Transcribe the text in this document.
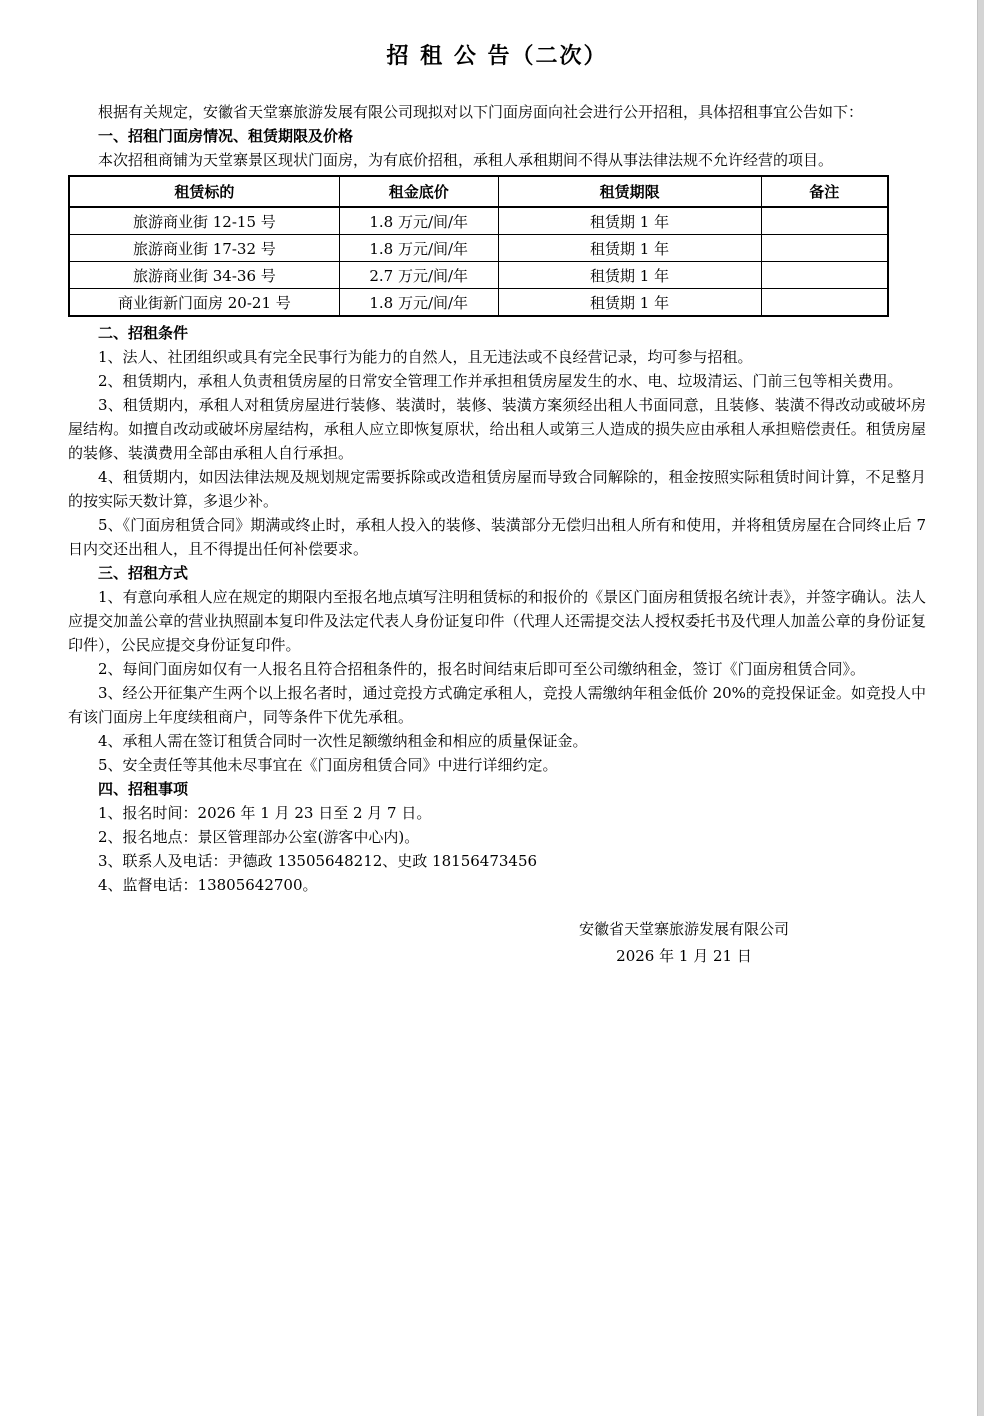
招 租 公 告（二次）

根据有关规定，安徽省天堂寨旅游发展有限公司现拟对以下门面房面向社会进行公开招租，具体招租事宜公告如下：

一、招租门面房情况、租赁期限及价格

本次招租商铺为天堂寨景区现状门面房，为有底价招租，承租人承租期间不得从事法律法规不允许经营的项目。

租赁标的	租金底价	租赁期限	备注
旅游商业街 12-15 号	1.8 万元/间/年	租赁期 1 年	
旅游商业街 17-32 号	1.8 万元/间/年	租赁期 1 年	
旅游商业街 34-36 号	2.7 万元/间/年	租赁期 1 年	
商业街新门面房 20-21 号	1.8 万元/间/年	租赁期 1 年	
二、招租条件

1、法人、社团组织或具有完全民事行为能力的自然人，且无违法或不良经营记录，均可参与招租。

2、租赁期内，承租人负责租赁房屋的日常安全管理工作并承担租赁房屋发生的水、电、垃圾清运、门前三包等相关费用。

3、租赁期内，承租人对租赁房屋进行装修、装潢时，装修、装潢方案须经出租人书面同意，且装修、装潢不得改动或破坏房屋结构。如擅自改动或破坏房屋结构，承租人应立即恢复原状，给出租人或第三人造成的损失应由承租人承担赔偿责任。租赁房屋的装修、装潢费用全部由承租人自行承担。

4、租赁期内，如因法律法规及规划规定需要拆除或改造租赁房屋而导致合同解除的，租金按照实际租赁时间计算，不足整月的按实际天数计算，多退少补。

5、《门面房租赁合同》期满或终止时，承租人投入的装修、装潢部分无偿归出租人所有和使用，并将租赁房屋在合同终止后 7 日内交还出租人，且不得提出任何补偿要求。

三、招租方式

1、有意向承租人应在规定的期限内至报名地点填写注明租赁标的和报价的《景区门面房租赁报名统计表》，并签字确认。法人应提交加盖公章的营业执照副本复印件及法定代表人身份证复印件（代理人还需提交法人授权委托书及代理人加盖公章的身份证复印件），公民应提交身份证复印件。

2、每间门面房如仅有一人报名且符合招租条件的，报名时间结束后即可至公司缴纳租金，签订《门面房租赁合同》。

3、经公开征集产生两个以上报名者时，通过竞投方式确定承租人，竞投人需缴纳年租金低价 20%的竞投保证金。如竞投人中有该门面房上年度续租商户，同等条件下优先承租。

4、承租人需在签订租赁合同时一次性足额缴纳租金和相应的质量保证金。

5、安全责任等其他未尽事宜在《门面房租赁合同》中进行详细约定。

四、招租事项

1、报名时间：2026 年 1 月 23 日至 2 月 7 日。

2、报名地点：景区管理部办公室(游客中心内)。

3、联系人及电话：尹德政 13505648212、史政 18156473456

4、监督电话：13805642700。

安徽省天堂寨旅游发展有限公司
2026 年 1 月 21 日
